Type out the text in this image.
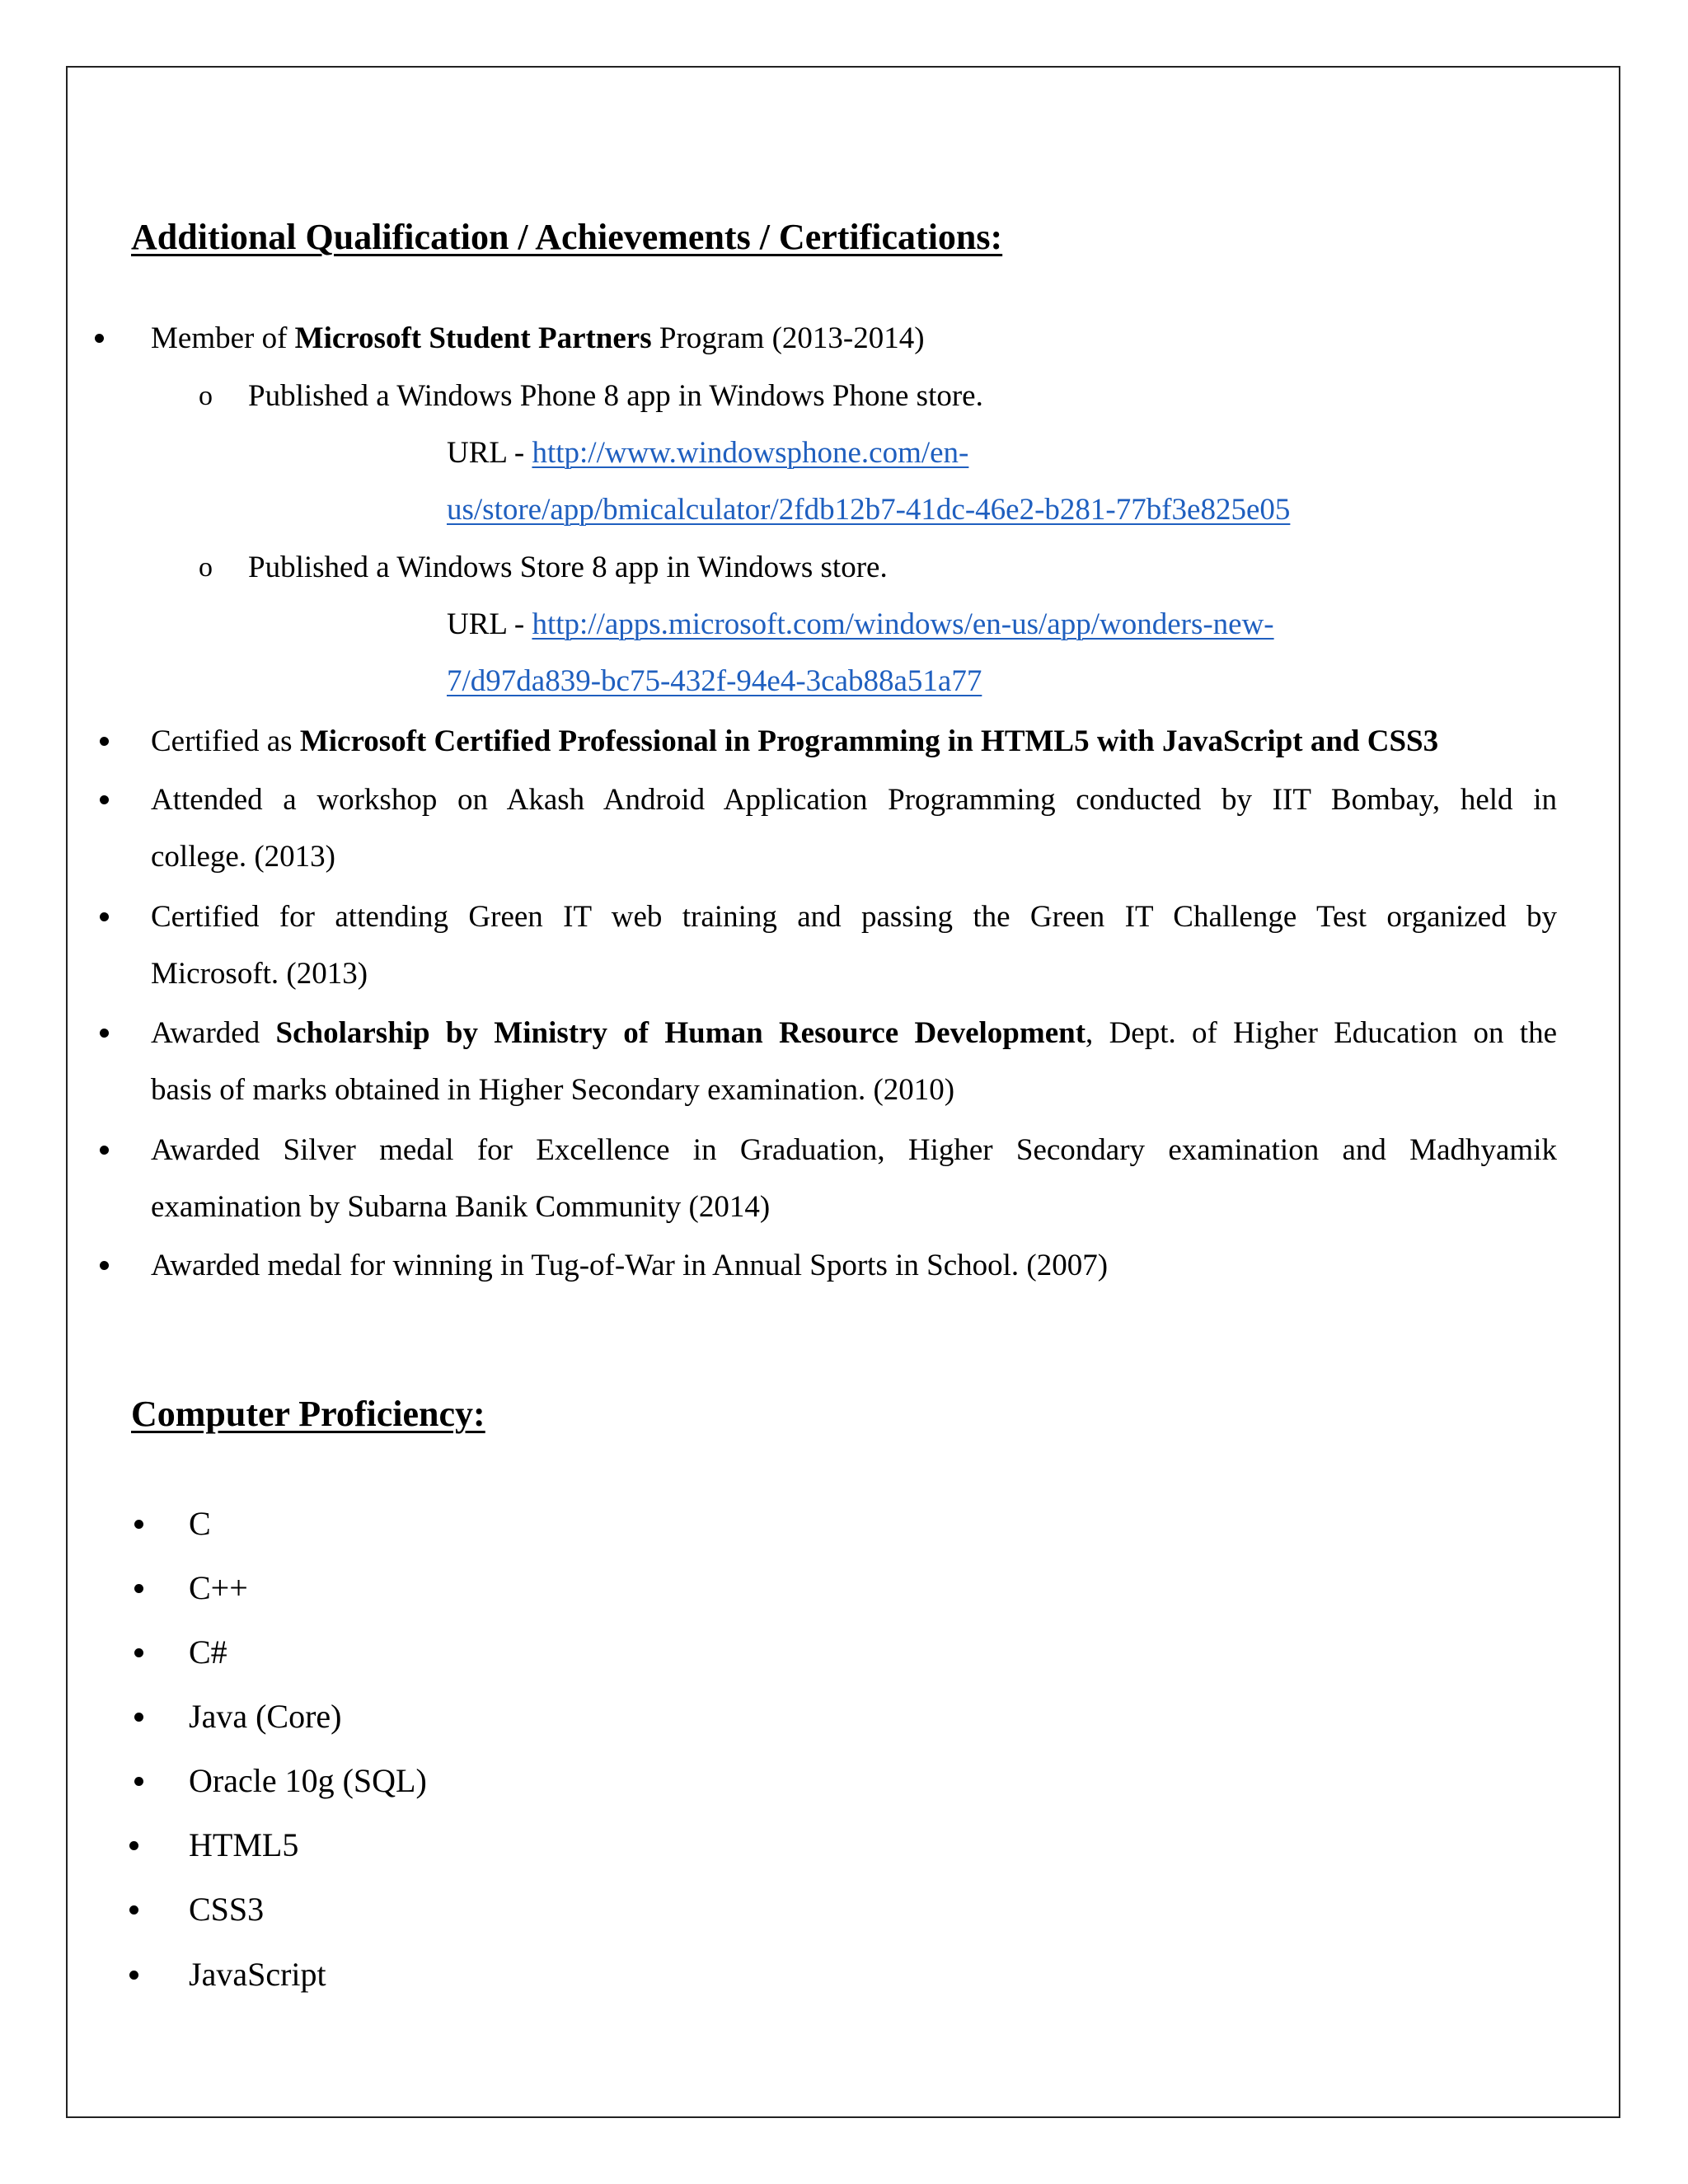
Additional Qualification / Achievements / Certifications:
Member of Microsoft Student Partners Program (2013-2014)
o Published a Windows Phone 8 app in Windows Phone store.
URL - http://www.windowsphone.com/en-
us/store/app/bmicalculator/2fdb12b7-41dc-46e2-b281-77bf3e825e05
o Published a Windows Store 8 app in Windows store.
URL - http://apps.microsoft.com/windows/en-us/app/wonders-new-
7/d97da839-bc75-432f-94e4-3cab88a51a77
Certified as Microsoft Certified Professional in Programming in HTML5 with JavaScript and CSS3
Attended a workshop on Akash Android Application Programming conducted by IIT Bombay, held in
college. (2013)
Certified for attending Green IT web training and passing the Green IT Challenge Test organized by
Microsoft. (2013)
Awarded Scholarship by Ministry of Human Resource Development, Dept. of Higher Education on the
basis of marks obtained in Higher Secondary examination. (2010)
Awarded Silver medal for Excellence in Graduation, Higher Secondary examination and Madhyamik
examination by Subarna Banik Community (2014)
Awarded medal for winning in Tug-of-War in Annual Sports in School. (2007)
Computer Proficiency:
C
C++
C#
Java (Core)
Oracle 10g (SQL)
HTML5
CSS3
JavaScript
